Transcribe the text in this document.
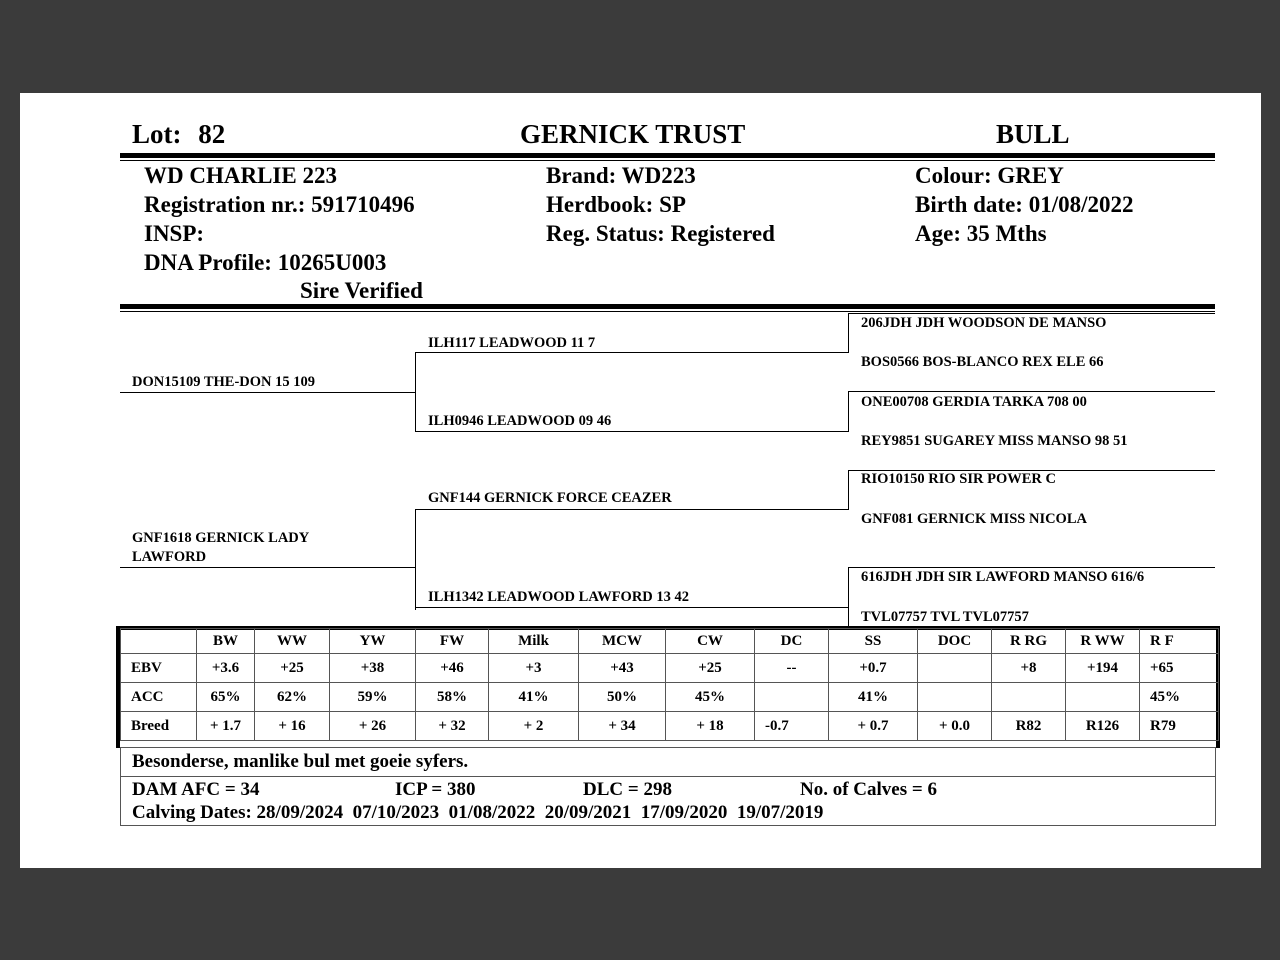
Lot: 82	GERNICK TRUST	BULL
WD CHARLIE 223
Registration nr.: 591710496
INSP:
DNA Profile: 10265U003
Sire Verified
Brand: WD223
Herdbook: SP
Reg. Status: Registered
Colour: GREY
Birth date: 01/08/2022
Age: 35 Mths
DON15109 THE-DON 15 109
GNF1618 GERNICK LADY
LAWFORD
ILH117 LEADWOOD 11 7
ILH0946 LEADWOOD 09 46
GNF144 GERNICK FORCE CEAZER
ILH1342 LEADWOOD LAWFORD 13 42
206JDH JDH WOODSON DE MANSO
BOS0566 BOS-BLANCO REX ELE 66
ONE00708 GERDIA TARKA 708 00
REY9851 SUGAREY MISS MANSO 98 51
RIO10150 RIO SIR POWER C
GNF081 GERNICK MISS NICOLA
616JDH JDH SIR LAWFORD MANSO 616/6
TVL07757 TVL TVL07757
	BW	WW	YW	FW	Milk	MCW	CW	DC	SS	DOC	R RG	R WW	R F
EBV	+3.6	+25	+38	+46	+3	+43	+25	--	+0.7		+8	+194	+65
ACC	65%	62%	59%	58%	41%	50%	45%		41%				45%
Breed	+ 1.7	+ 16	+ 26	+ 32	+ 2	+ 34	+ 18	-0.7	+ 0.7	+ 0.0	R82	R126	R79
Besonderse, manlike bul met goeie syfers.
DAM AFC = 34	ICP = 380	DLC = 298	No. of Calves = 6
Calving Dates: 28/09/2024  07/10/2023  01/08/2022  20/09/2021  17/09/2020  19/07/2019
